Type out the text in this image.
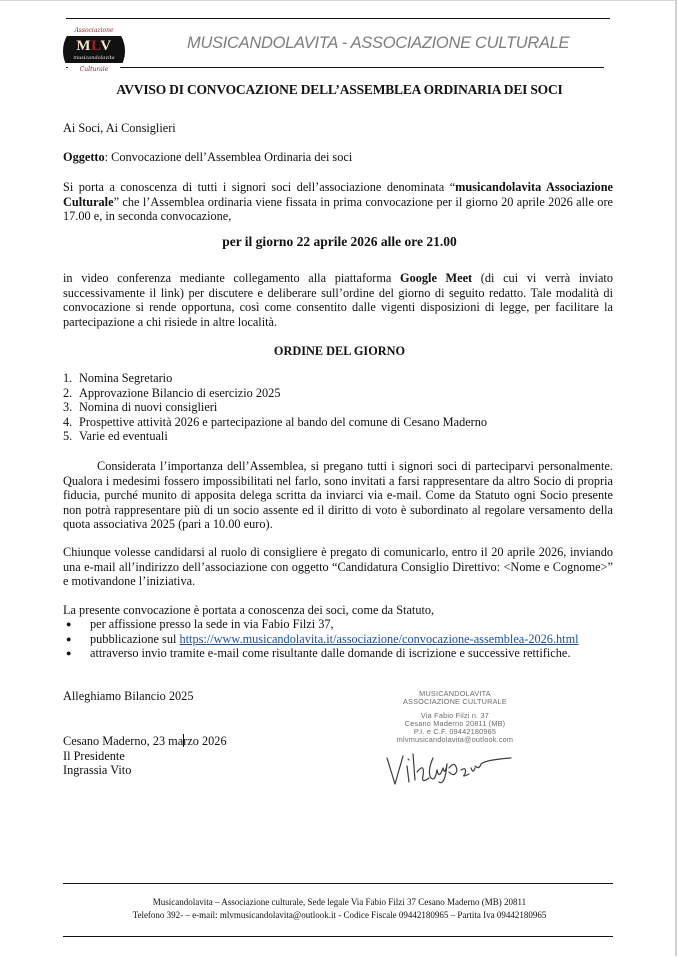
Associazione
MLV
musicandolavita
Culturale
MUSICANDOLAVITA - ASSOCIAZIONE CULTURALE
AVVISO DI CONVOCAZIONE DELL’ASSEMBLEA ORDINARIA DEI SOCI
Ai Soci, Ai Consiglieri
Oggetto: Convocazione dell’Assemblea Ordinaria dei soci
Si porta a conoscenza di tutti i signori soci dell’associazione denominata “musicandolavita Associazione Culturale” che l’Assemblea ordinaria viene fissata in prima convocazione per il giorno 20 aprile 2026 alle ore 17.00 e, in seconda convocazione,
per il giorno 22 aprile 2026 alle ore 21.00
in video conferenza mediante collegamento alla piattaforma Google Meet (di cui vi verrà inviato successivamente il link) per discutere e deliberare sull’ordine del giorno di seguito redatto. Tale modalità di convocazione si rende opportuna, così come consentito dalle vigenti disposizioni di legge, per facilitare la partecipazione a chi risiede in altre località.
ORDINE DEL GIORNO
1. Nomina Segretario
2. Approvazione Bilancio di esercizio 2025
3. Nomina di nuovi consiglieri
4. Prospettive attività 2026 e partecipazione al bando del comune di Cesano Maderno
5. Varie ed eventuali
Considerata l’importanza dell’Assemblea, si pregano tutti i signori soci di parteciparvi personalmente. Qualora i medesimi fossero impossibilitati nel farlo, sono invitati a farsi rappresentare da altro Socio di propria fiducia, purché munito di apposita delega scritta da inviarci via e-mail. Come da Statuto ogni Socio presente non potrà rappresentare più di un socio assente ed il diritto di voto è subordinato al regolare versamento della quota associativa 2025 (pari a 10.00 euro).
Chiunque volesse candidarsi al ruolo di consigliere è pregato di comunicarlo, entro il 20 aprile 2026, inviando una e-mail all’indirizzo dell’associazione con oggetto “Candidatura Consiglio Direttivo: <Nome e Cognome>” e motivandone l’iniziativa.
La presente convocazione è portata a conoscenza dei soci, come da Statuto,
●	per affissione presso la sede in via Fabio Filzi 37,
●	pubblicazione sul https://www.musicandolavita.it/associazione/convocazione-assemblea-2026.html
●	attraverso invio tramite e-mail come risultante dalle domande di iscrizione e successive rettifiche.
Alleghiamo Bilancio 2025
Cesano Maderno, 23 marzo 2026
Il Presidente
Ingrassia Vito
MUSICANDOLAVITA
ASSOCIAZIONE CULTURALE
Via Fabio Filzi n. 37
Cesano Maderno 20811 (MB)
P.I. e C.F. 09442180965
mlvmusicandolavita@outlook.com
Musicandolavita – Associazione culturale, Sede legale Via Fabio Filzi 37 Cesano Maderno (MB) 20811
Telefono 392- – e-mail: mlvmusicandolavita@outlook.it - Codice Fiscale 09442180965 – Partita Iva 09442180965
